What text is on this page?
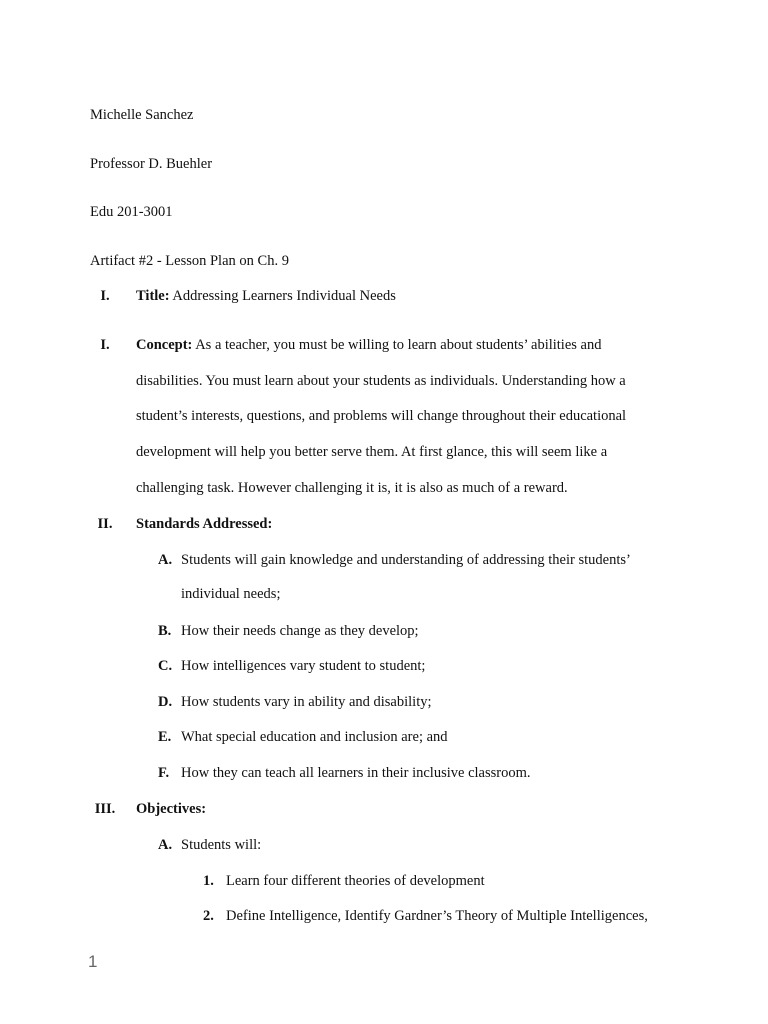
Michelle Sanchez
Professor D. Buehler
Edu 201-3001
Artifact #2 - Lesson Plan on Ch. 9
I.	Title: Addressing Learners Individual Needs
I.	Concept: As a teacher, you must be willing to learn about students’ abilities and
disabilities. You must learn about your students as individuals. Understanding how a
student’s interests, questions, and problems will change throughout their educational
development will help you better serve them. At first glance, this will seem like a
challenging task. However challenging it is, it is also as much of a reward.
II.	Standards Addressed:
A. Students will gain knowledge and understanding of addressing their students’
individual needs;
B. How their needs change as they develop;
C. How intelligences vary student to student;
D. How students vary in ability and disability;
E. What special education and inclusion are; and
F. How they can teach all learners in their inclusive classroom.
III.	Objectives:
A. Students will:
1. Learn four different theories of development
2. Define Intelligence, Identify Gardner’s Theory of Multiple Intelligences,
1
